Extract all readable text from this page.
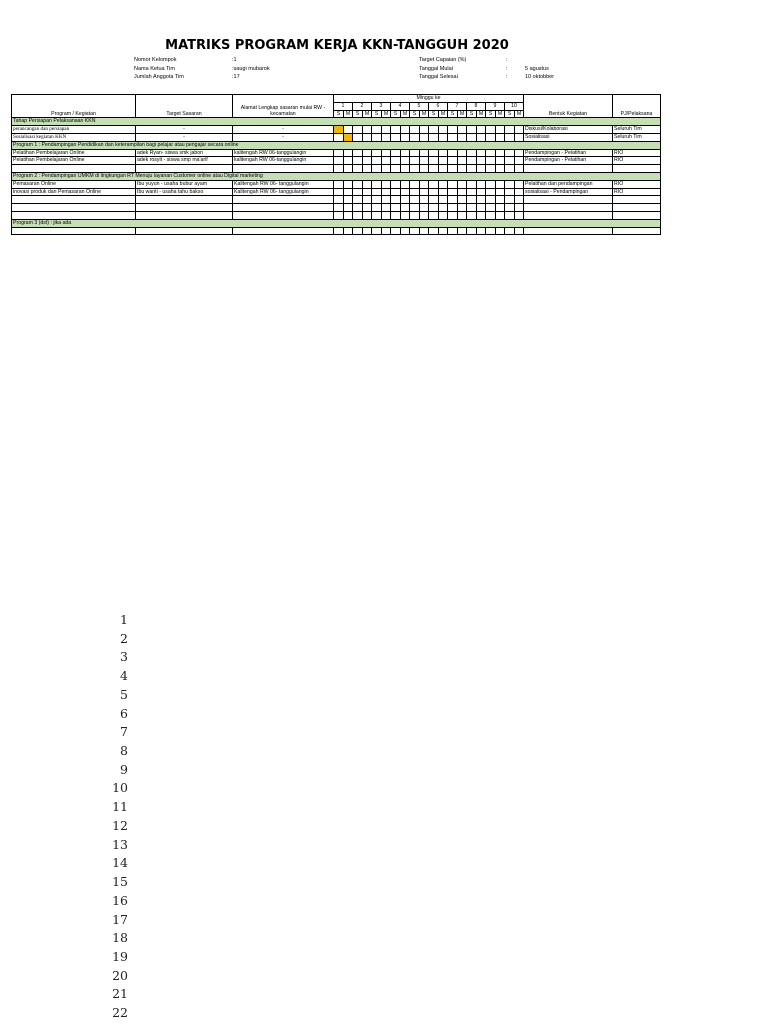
MATRIKS PROGRAM KERJA KKN-TANGGUH 2020
Nomor Kelompok
Nama Ketua Tim
Jumlah Anggota Tim
:1
:saugi mubarok
:17
Target Capaian (%)
Tanggal Mulai
Tanggal Selesai
:
:
:
5 agustus
10 oktobber
Program / Kegiatan	Target Sasaran	Alamat Lengkap sasaran mulai RW - kecamatan	Minggu ke																				Bentuk Kegiatan	PJ/Pelaksana
			1		2		3		4		5		6		7		8		9		10			
			S	M	S	M	S	M	S	M	S	M	S	M	S	M	S	M	S	M	S	M		
Tahap Persiapan Pelaksanaan KKN																								
perancangan dan persiapan	-	-																					Diskusi/Kolaborasi	Seluruh Tim
Sosialisasi kegiatan KKN	-	-																					Sosialisasi	Seluruh Tim
Program 1 : Pendampingan Pendidikan dan keterampilan bagi pelajar atau pengajar secara online																								
Pelatihan Pembelajaran Online	adek Ryan- siswa smk jabon	kalitengah RW 06-tanggulangin																					Pendampingan - Pelatihan	RIO
Pelatihan Pembelajaran Online	adek rosyit - siswa smp ma'arif	kalitengah RW 06-tanggulangin																					Pendampingan - Pelatihan	RIO

Program 2 : Pendampingan UMKM di lingkungan RT Menuju layanan Customer online atau Digital marketing																								
Pemasaran Online	Ibu yuyun - usaha bubur ayam	Kalitengah RW 06- tanggulangin																					Pelatihan dan pendampingan	RIO
inovasi produk dan Pemasaran Online	Ibu wanti - usaha tahu bakso	Kalitengah RW 06- tanggulangin																					sosialisasi - Pendampingan	RIO

Program 3 (dst) : jika ada																								

1
2
3
4
5
6
7
8
9
10
11
12
13
14
15
16
17
18
19
20
21
22
